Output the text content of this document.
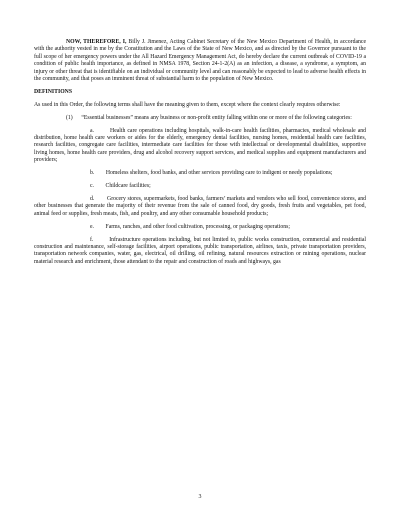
NOW, THEREFORE, I, Billy J. Jimenez, Acting Cabinet Secretary of the New Mexico Department of Health, in accordance with the authority vested in me by the Constitution and the Laws of the State of New Mexico, and as directed by the Governor pursuant to the full scope of her emergency powers under the All Hazard Emergency Management Act, do hereby declare the current outbreak of COVID-19 a condition of public health importance, as defined in NMSA 1978, Section 24-1-2(A) as an infection, a disease, a syndrome, a symptom, an injury or other threat that is identifiable on an individual or community level and can reasonably be expected to lead to adverse health effects in the community, and that poses an imminent threat of substantial harm to the population of New Mexico.

DEFINITIONS

As used in this Order, the following terms shall have the meaning given to them, except where the context clearly requires otherwise:

(1)      “Essential businesses” means any business or non-profit entity falling within one or more of the following categories:

a.        Health care operations including hospitals, walk-in-care health facilities, pharmacies, medical wholesale and distribution, home health care workers or aides for the elderly, emergency dental facilities, nursing homes, residential health care facilities, research facilities, congregate care facilities, intermediate care facilities for those with intellectual or developmental disabilities, supportive living homes, home health care providers, drug and alcohol recovery support services, and medical supplies and equipment manufacturers and providers;

b.        Homeless shelters, food banks, and other services providing care to indigent or needy populations;

c.        Childcare facilities;

d.        Grocery stores, supermarkets, food banks, farmers’ markets and vendors who sell food, convenience stores, and other businesses that generate the majority of their revenue from the sale of canned food, dry goods, fresh fruits and vegetables, pet food, animal feed or supplies, fresh meats, fish, and poultry, and any other consumable household products;

e.        Farms, ranches, and other food cultivation, processing, or packaging operations;

f.        Infrastructure operations including, but not limited to, public works construction, commercial and residential construction and maintenance, self-storage facilities, airport operations, public transportation, airlines, taxis, private transportation providers, transportation network companies, water, gas, electrical, oil drilling, oil refining, natural resources extraction or mining operations, nuclear material research and enrichment, those attendant to the repair and construction of roads and highways, gas

3
